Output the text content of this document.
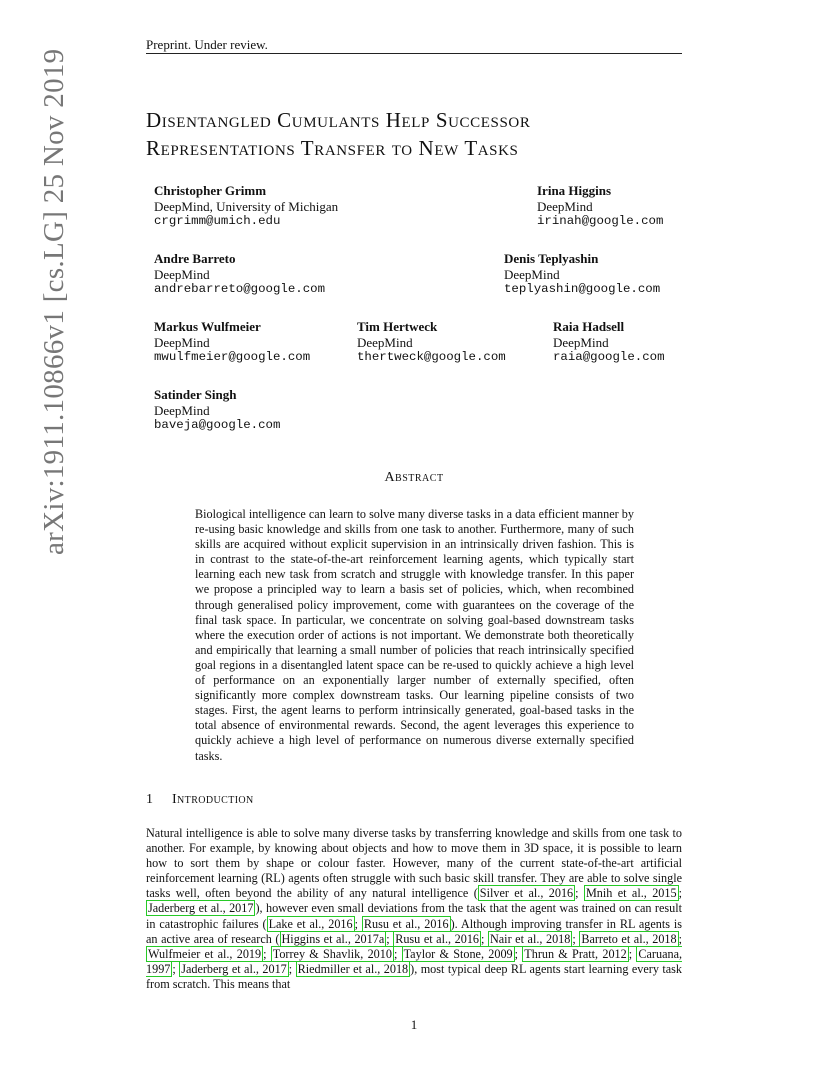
Preprint. Under review.
Disentangled Cumulants Help Successor
Representations Transfer to New Tasks
Christopher Grimm
DeepMind, University of Michigan
crgrimm@umich.edu
Irina Higgins
DeepMind
irinah@google.com
Andre Barreto
DeepMind
andrebarreto@google.com
Denis Teplyashin
DeepMind
teplyashin@google.com
Markus Wulfmeier
DeepMind
mwulfmeier@google.com
Tim Hertweck
DeepMind
thertweck@google.com
Raia Hadsell
DeepMind
raia@google.com
Satinder Singh
DeepMind
baveja@google.com
Abstract
Biological intelligence can learn to solve many diverse tasks in a data efficient manner by re-using basic knowledge and skills from one task to another. Furthermore, many of such skills are acquired without explicit supervision in an intrinsically driven fashion. This is in contrast to the state-of-the-art reinforcement learning agents, which typically start learning each new task from scratch and struggle with knowledge transfer. In this paper we propose a principled way to learn a basis set of policies, which, when recombined through generalised policy improvement, come with guarantees on the coverage of the final task space. In particular, we concentrate on solving goal-based downstream tasks where the execution order of actions is not important. We demonstrate both theoretically and empirically that learning a small number of policies that reach intrinsically specified goal regions in a disentangled latent space can be re-used to quickly achieve a high level of performance on an exponentially larger number of externally specified, often significantly more complex downstream tasks. Our learning pipeline consists of two stages. First, the agent learns to perform intrinsically generated, goal-based tasks in the total absence of environmental rewards. Second, the agent leverages this experience to quickly achieve a high level of performance on numerous diverse externally specified tasks.
1 Introduction
Natural intelligence is able to solve many diverse tasks by transferring knowledge and skills from one task to another. For example, by knowing about objects and how to move them in 3D space, it is possible to learn how to sort them by shape or colour faster. However, many of the current state-of-the-art artificial reinforcement learning (RL) agents often struggle with such basic skill transfer. They are able to solve single tasks well, often beyond the ability of any natural intelligence ( Silver et al., 2016 ; Mnih et al., 2015 ; Jaderberg et al., 2017 ), however even small deviations from the task that the agent was trained on can result in catastrophic failures ( Lake et al., 2016 ; Rusu et al., 2016 ). Although improving transfer in RL agents is an active area of research ( Higgins et al., 2017a ; Rusu et al., 2016 ; Nair et al., 2018 ; Barreto et al., 2018 ; Wulfmeier et al., 2019 ; Torrey & Shavlik, 2010 ; Taylor & Stone, 2009 ; Thrun & Pratt, 2012 ; Caruana, 1997 ; Jaderberg et al., 2017 ; Riedmiller et al., 2018 ), most typical deep RL agents start learning every task from scratch. This means that
1
arXiv:1911.10866v1 [cs.LG] 25 Nov 2019
